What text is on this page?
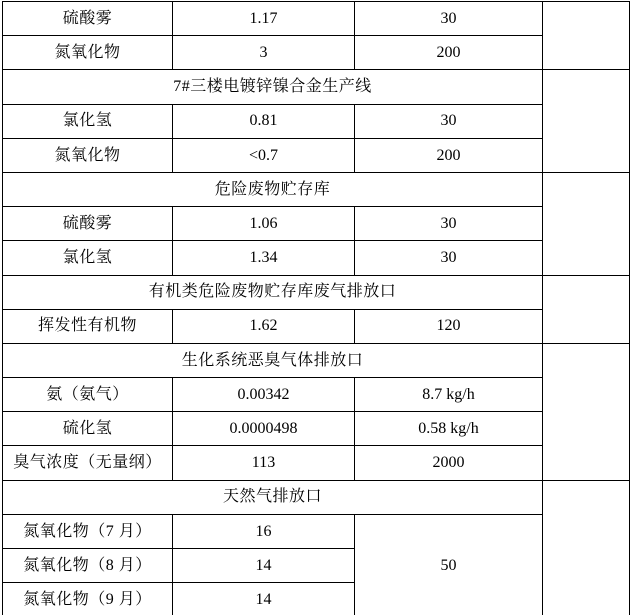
硫酸雾	1.17	30	
氮氧化物	3	200	
7#三楼电镀锌镍合金生产线			
氯化氢	0.81	30	
氮氧化物	<0.7	200	
危险废物贮存库			
硫酸雾	1.06	30	
氯化氢	1.34	30	
有机类危险废物贮存库废气排放口			
挥发性有机物	1.62	120	
生化系统恶臭气体排放口			
氨（氨气）	0.00342	8.7 kg/h	
硫化氢	0.0000498	0.58 kg/h	
臭气浓度（无量纲）	113	2000	
天然气排放口			
氮氧化物（7 月）	16	50	
氮氧化物（8 月）	14		
氮氧化物（9 月）	14		
